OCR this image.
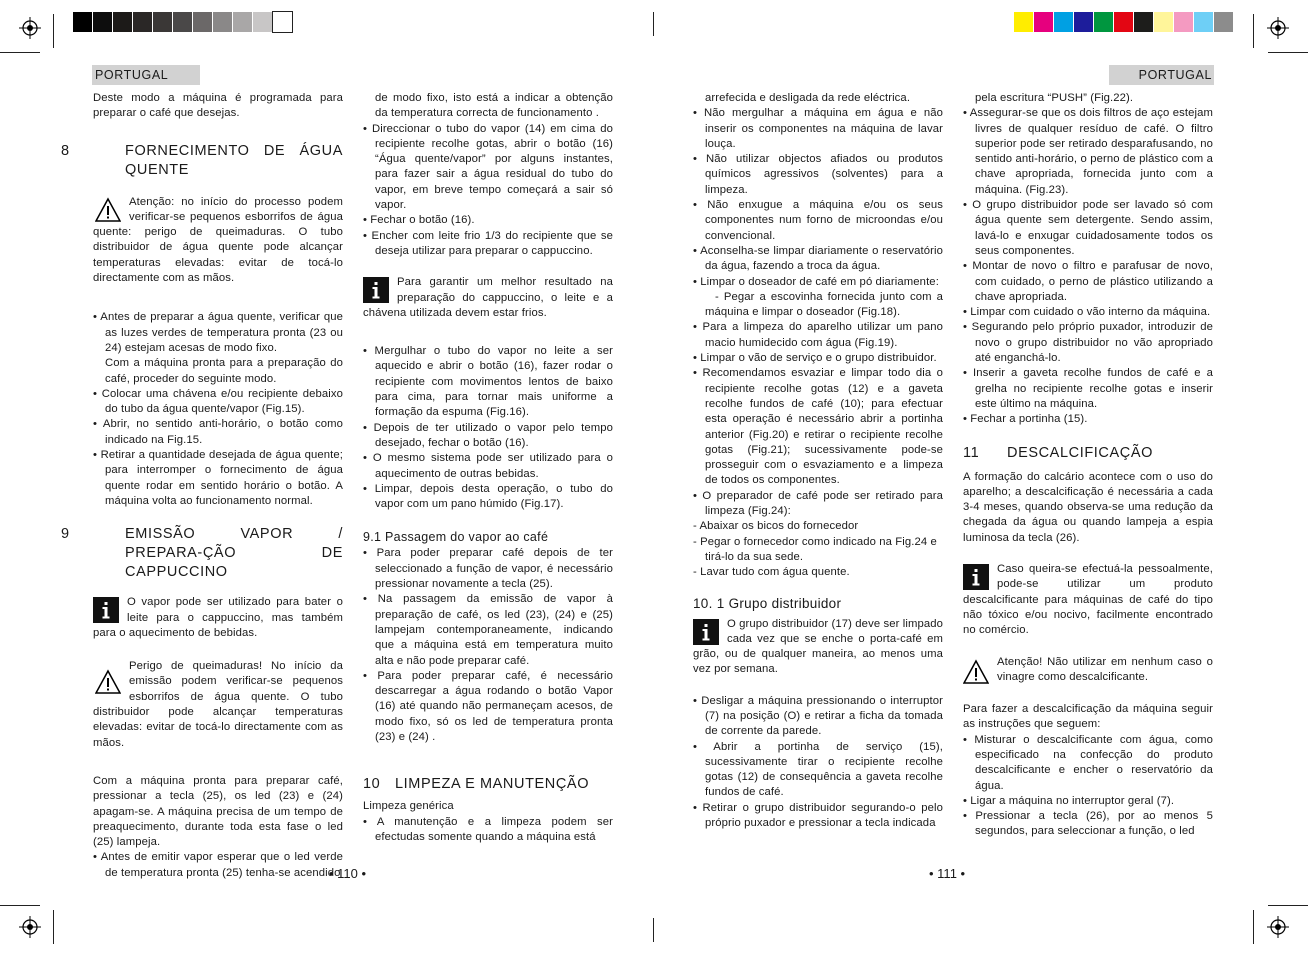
PORTUGAL	PORTUGAL

Deste modo a máquina é programada para preparar o café que desejas.

8	FORNECIMENTO DE ÁGUA QUENTE

Atenção: no início do processo podem verificar-se pequenos esborrifos de água quente: perigo de queimaduras. O tubo distribuidor de água quente pode alcançar temperaturas elevadas: evitar de tocá-lo directamente com as mãos.

• Antes de preparar a água quente, verificar que as luzes verdes de temperatura pronta (23 ou 24) estejam acesas de modo fixo.

Com a máquina pronta para a preparação do café, proceder do seguinte modo.

• Colocar uma chávena e/ou recipiente debaixo do tubo da água quente/vapor (Fig.15).

• Abrir, no sentido anti-horário, o botão como indicado na Fig.15.

• Retirar a quantidade desejada de água quente; para interromper o fornecimento de água quente rodar em sentido horário o botão. A máquina volta ao funcionamento normal.

9	EMISSÃO VAPOR / PREPARA-ÇÃO DE CAPPUCCINO

O vapor pode ser utilizado para bater o leite para o cappuccino, mas também para o aquecimento de bebidas.

Perigo de queimaduras! No início da emissão podem verificar-se pequenos esborrifos de água quente. O tubo distribuidor pode alcançar temperaturas elevadas: evitar de tocá-lo directamente com as mãos.

Com a máquina pronta para preparar café, pressionar a tecla (25), os led (23) e (24) apagam-se. A máquina precisa de um tempo de preaquecimento, durante toda esta fase o led (25) lampeja.

• Antes de emitir vapor esperar que o led verde de temperatura pronta (25) tenha-se acendido

de modo fixo, isto está a indicar a obtenção da temperatura correcta de funcionamento .

• Direccionar o tubo do vapor (14) em cima do recipiente recolhe gotas, abrir o botão (16) “Água quente/vapor” por alguns instantes, para fazer sair a água residual do tubo do vapor, em breve tempo começará a sair só vapor.

• Fechar o botão (16).

• Encher com leite frio 1/3 do recipiente que se deseja utilizar para preparar o cappuccino.

Para garantir um melhor resultado na preparação do cappuccino, o leite e a chávena utilizada devem estar frios.

• Mergulhar o tubo do vapor no leite a ser aquecido e abrir o botão (16), fazer rodar o recipiente com movimentos lentos de baixo para cima, para tornar mais uniforme a formação da espuma (Fig.16).

• Depois de ter utilizado o vapor pelo tempo desejado, fechar o botão (16).

• O mesmo sistema pode ser utilizado para o aquecimento de outras bebidas.

• Limpar, depois desta operação, o tubo do vapor com um pano húmido (Fig.17).

9.1 Passagem do vapor ao café

• Para poder preparar café depois de ter seleccionado a função de vapor, é necessário pressionar novamente a tecla (25).

• Na passagem da emissão de vapor à preparação de café, os led (23), (24) e (25) lampejam contemporaneamente, indicando que a máquina está em temperatura muito alta e não pode preparar café.

• Para poder preparar café, é necessário descarregar a água rodando o botão Vapor (16) até quando não permaneçam acesos, de modo fixo, só os led de temperatura pronta (23) e (24) .

10 LIMPEZA E MANUTENÇÃO

Limpeza genérica

• A manutenção e a limpeza podem ser efectudas somente quando a máquina está

arrefecida e desligada da rede eléctrica.

• Não mergulhar a máquina em água e não inserir os componentes na máquina de lavar louça.

• Não utilizar objectos afiados ou produtos químicos agressivos (solventes) para a limpeza.

• Não enxugue a máquina e/ou os seus componentes num forno de microondas e/ou convencional.

• Aconselha-se limpar diariamente o reservatório da água, fazendo a troca da água.

• Limpar o doseador de café em pó diariamente:

- Pegar a escovinha fornecida junto com a máquina e limpar o doseador (Fig.18).

• Para a limpeza do aparelho utilizar um pano macio humidecido com água (Fig.19).

• Limpar o vão de serviço e o grupo distribuidor.

• Recomendamos esvaziar e limpar todo dia o recipiente recolhe gotas (12) e a gaveta recolhe fundos de café (10); para efectuar esta operação é necessário abrir a portinha anterior (Fig.20) e retirar o recipiente recolhe gotas (Fig.21); sucessivamente pode-se prosseguir com o esvaziamento e a limpeza de todos os componentes.

• O preparador de café pode ser retirado para limpeza (Fig.24):

- Abaixar os bicos do fornecedor

- Pegar o fornecedor como indicado na Fig.24 e tirá-lo da sua sede.

- Lavar tudo com água quente.

10. 1 Grupo distribuidor

O grupo distribuidor (17) deve ser limpado cada vez que se enche o porta-café em grão, ou de qualquer maneira, ao menos uma vez por semana.

• Desligar a máquina pressionando o interruptor (7) na posição (O) e retirar a ficha da tomada de corrente da parede.

• Abrir a portinha de serviço (15), sucessivamente tirar o recipiente recolhe gotas (12) de consequência a gaveta recolhe fundos de café.

• Retirar o grupo distribuidor segurando-o pelo próprio puxador e pressionar a tecla indicada

pela escritura “PUSH” (Fig.22).

• Assegurar-se que os dois filtros de aço estejam livres de qualquer resíduo de café. O filtro superior pode ser retirado desparafusando, no sentido anti-horário, o perno de plástico com a chave apropriada, fornecida junto com a máquina. (Fig.23).

• O grupo distribuidor pode ser lavado só com água quente sem detergente. Sendo assim, lavá-lo e enxugar cuidadosamente todos os seus componentes.

• Montar de novo o filtro e parafusar de novo, com cuidado, o perno de plástico utilizando a chave apropriada.

• Limpar com cuidado o vão interno da máquina.

• Segurando pelo próprio puxador, introduzir de novo o grupo distribuidor no vão apropriado até enganchá-lo.

• Inserir a gaveta recolhe fundos de café e a grelha no recipiente recolhe gotas e inserir este último na máquina.

• Fechar a portinha (15).

11 DESCALCIFICAÇÃO

A formação do calcário acontece com o uso do aparelho; a descalcificação é necessária a cada 3-4 meses, quando observa-se uma redução da chegada da água ou quando lampeja a espia luminosa da tecla (26).

Caso queira-se efectuá-la pessoalmente, pode-se utilizar um produto descalcificante para máquinas de café do tipo não tóxico e/ou nocivo, facilmente encontrado no comércio.

Atenção! Não utilizar em nenhum caso o vinagre como descalcificante.

Para fazer a descalcificação da máquina seguir as instruções que seguem:

• Misturar o descalcificante com água, como especificado na confecção do produto descalcificante e encher o reservatório da água.

• Ligar a máquina no interruptor geral (7).

• Pressionar a tecla (26), por ao menos 5 segundos, para seleccionar a função, o led

• 110 •	• 111 •
